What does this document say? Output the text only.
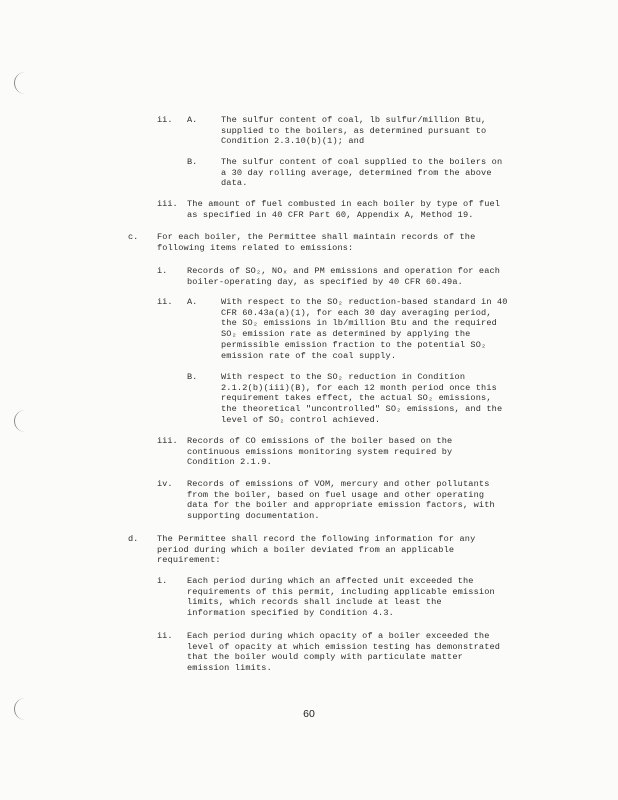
ii. A.	The sulfur content of coal, lb sulfur/million Btu,
supplied to the boilers, as determined pursuant to
Condition 2.3.10(b)(1); and
B.	The sulfur content of coal supplied to the boilers on
a 30 day rolling average, determined from the above
data.
iii. The amount of fuel combusted in each boiler by type of fuel
as specified in 40 CFR Part 60, Appendix A, Method 19.
c. For each boiler, the Permittee shall maintain records of the
following items related to emissions:
i. Records of SO₂, NOₓ and PM emissions and operation for each
boiler-operating day, as specified by 40 CFR 60.49a.
ii. A.	With respect to the SO₂ reduction-based standard in 40
CFR 60.43a(a)(1), for each 30 day averaging period,
the SO₂ emissions in lb/million Btu and the required
SO₂ emission rate as determined by applying the
permissible emission fraction to the potential SO₂
emission rate of the coal supply.
B.	With respect to the SO₂ reduction in Condition
2.1.2(b)(iii)(B), for each 12 month period once this
requirement takes effect, the actual SO₂ emissions,
the theoretical "uncontrolled" SO₂ emissions, and the
level of SO₂ control achieved.
iii. Records of CO emissions of the boiler based on the
continuous emissions monitoring system required by
Condition 2.1.9.
iv. Records of emissions of VOM, mercury and other pollutants
from the boiler, based on fuel usage and other operating
data for the boiler and appropriate emission factors, with
supporting documentation.
d. The Permittee shall record the following information for any
period during which a boiler deviated from an applicable
requirement:
i. Each period during which an affected unit exceeded the
requirements of this permit, including applicable emission
limits, which records shall include at least the
information specified by Condition 4.3.
ii. Each period during which opacity of a boiler exceeded the
level of opacity at which emission testing has demonstrated
that the boiler would comply with particulate matter
emission limits.
60
